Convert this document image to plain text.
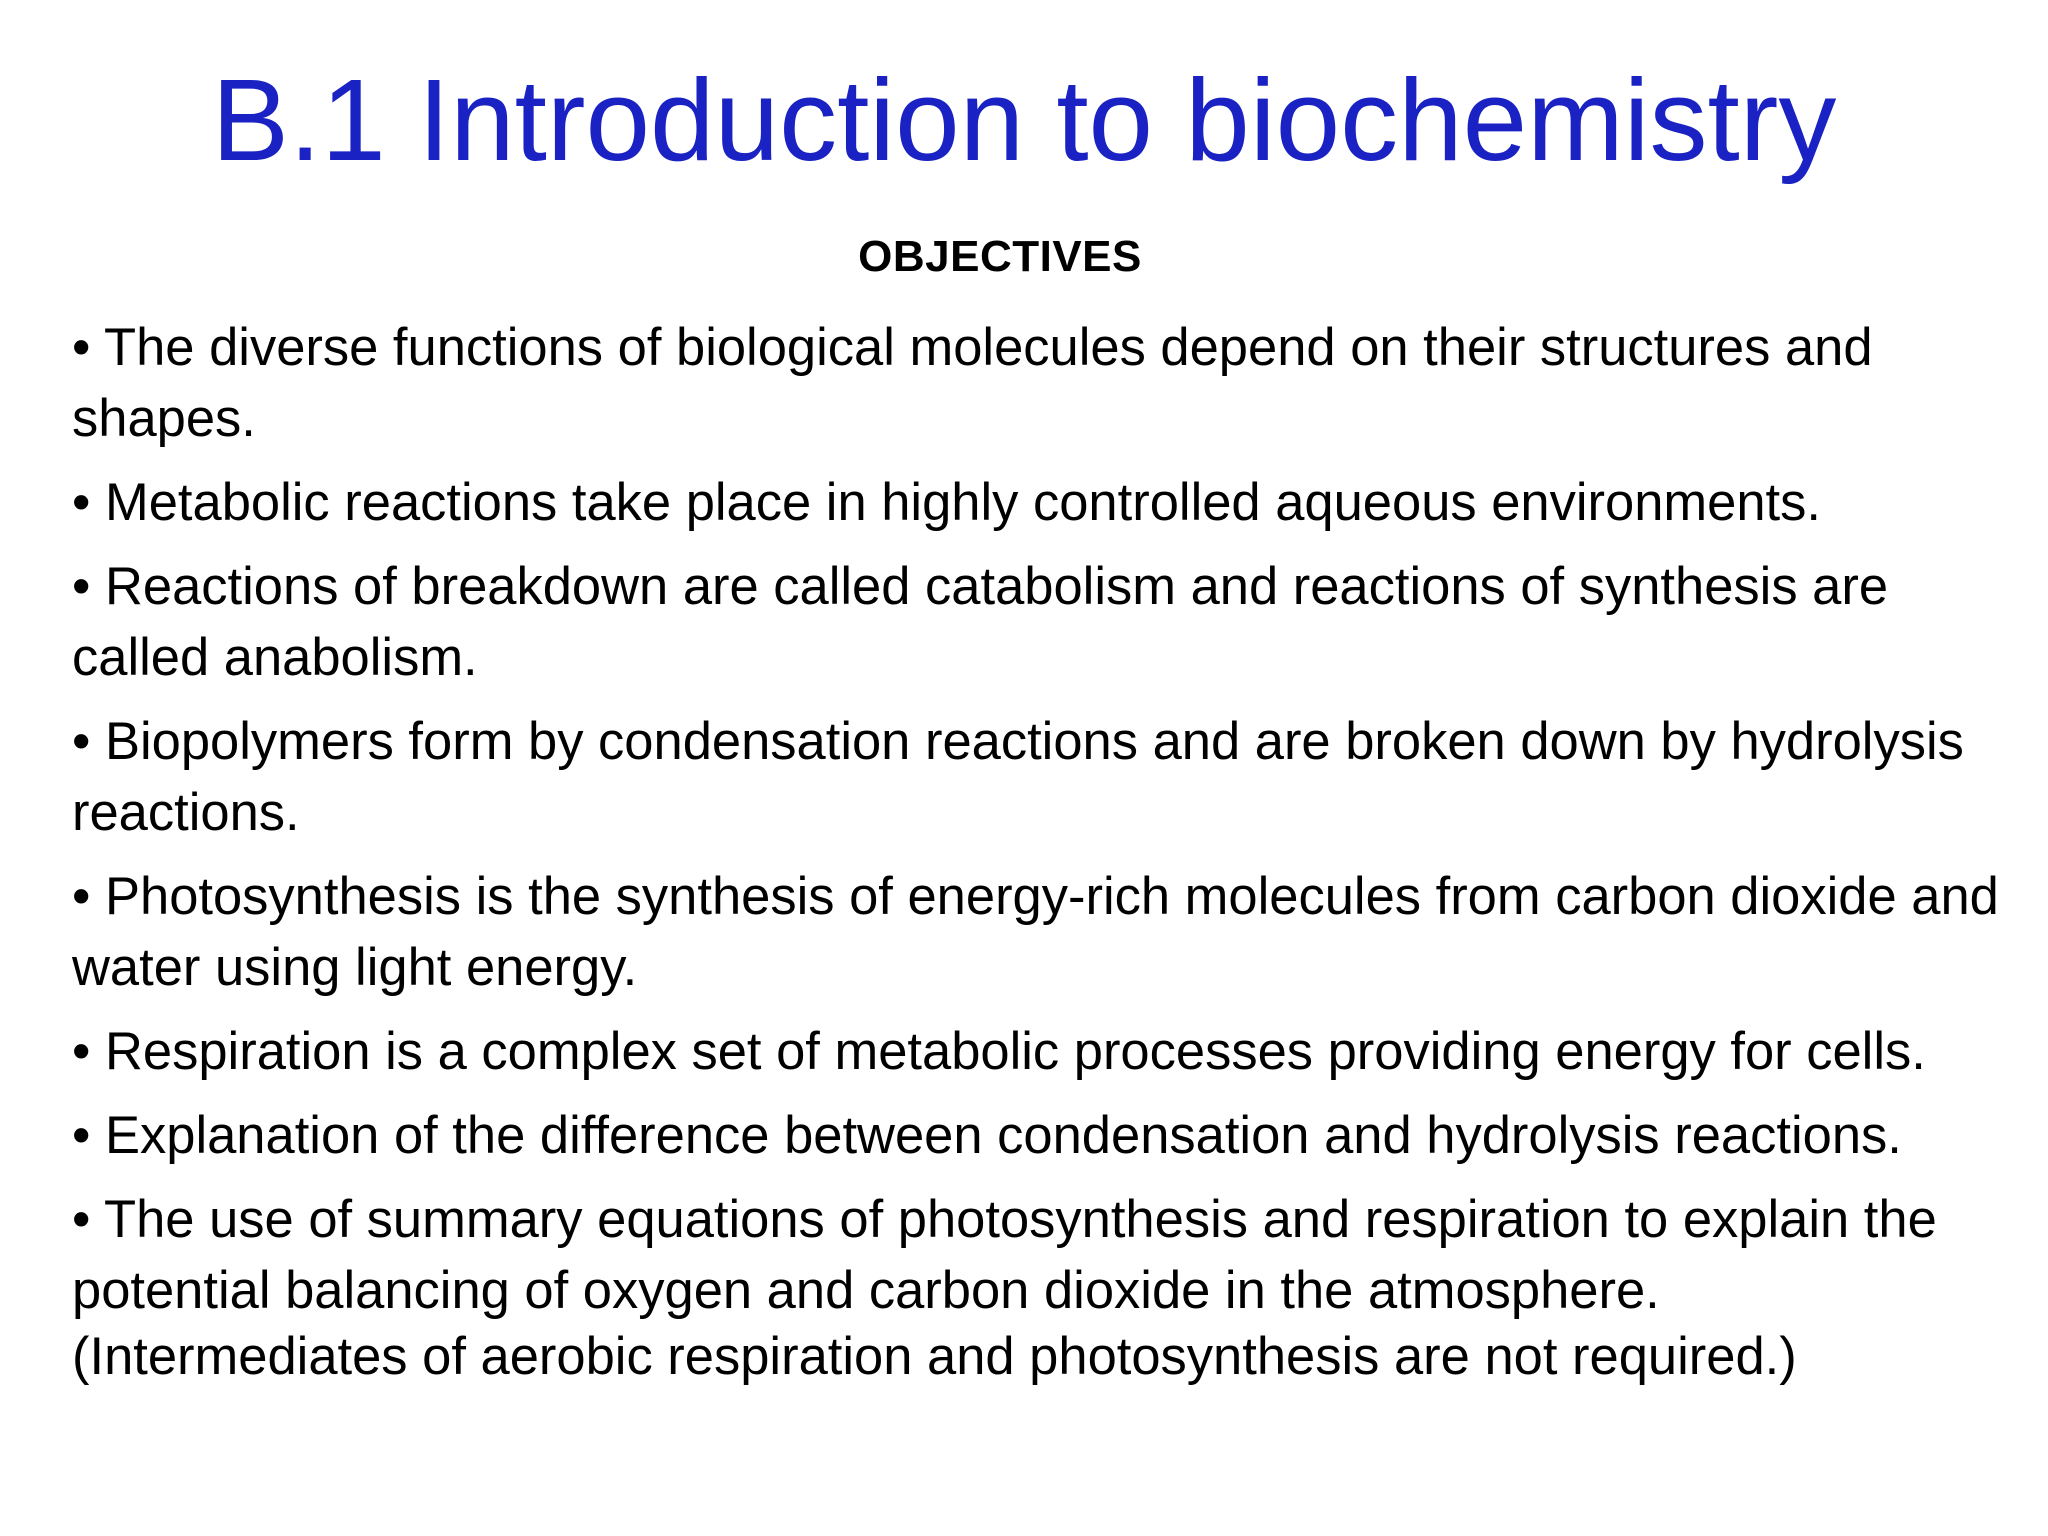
B.1 Introduction to biochemistry
OBJECTIVES
• The diverse functions of biological molecules depend on their structures and shapes.
• Metabolic reactions take place in highly controlled aqueous environments.
• Reactions of breakdown are called catabolism and reactions of synthesis are called anabolism.
• Biopolymers form by condensation reactions and are broken down by hydrolysis reactions.
• Photosynthesis is the synthesis of energy-rich molecules from carbon dioxide and water using light energy.
• Respiration is a complex set of metabolic processes providing energy for cells.
• Explanation of the difference between condensation and hydrolysis reactions.
• The use of summary equations of photosynthesis and respiration to explain the potential balancing of oxygen and carbon dioxide in the atmosphere.
(Intermediates of aerobic respiration and photosynthesis are not required.)
